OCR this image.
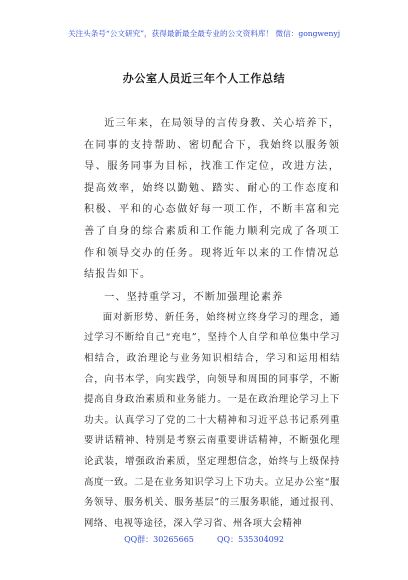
关注头条号“公文研究”，获得最新最全最专业的公文资料库！ 微信：gongwenyj
办公室人员近三年个人工作总结

近三年来，在局领导的言传身教、关心培养下，在同事的支持帮助、密切配合下，我始终以服务领导、服务同事为目标，找准工作定位，改进方法，提高效率，始终以勤勉、踏实、耐心的工作态度和积极、平和的心态做好每一项工作，不断丰富和完善了自身的综合素质和工作能力顺利完成了各项工作和领导交办的任务。现将近年以来的工作情况总结报告如下。

一、坚持重学习，不断加强理论素养

面对新形势、新任务，始终树立终身学习的理念，通过学习不断给自己“充电”，坚持个人自学和单位集中学习相结合，政治理论与业务知识相结合，学习和运用相结合，向书本学，向实践学，向领导和周围的同事学，不断提高自身政治素质和业务能力。一是在政治理论学习上下功夫。认真学习了党的二十大精神和习近平总书记系列重要讲话精神、特别是考察云南重要讲话精神，不断强化理论武装，增强政治素质，坚定理想信念，始终与上级保持高度一致。二是在业务知识学习上下功夫。立足办公室“服务领导、服务机关、服务基层”的三服务职能，通过报刊、网络、电视等途径，深入学习省、州各项大会精神

QQ群：30265665	QQ：535304092
